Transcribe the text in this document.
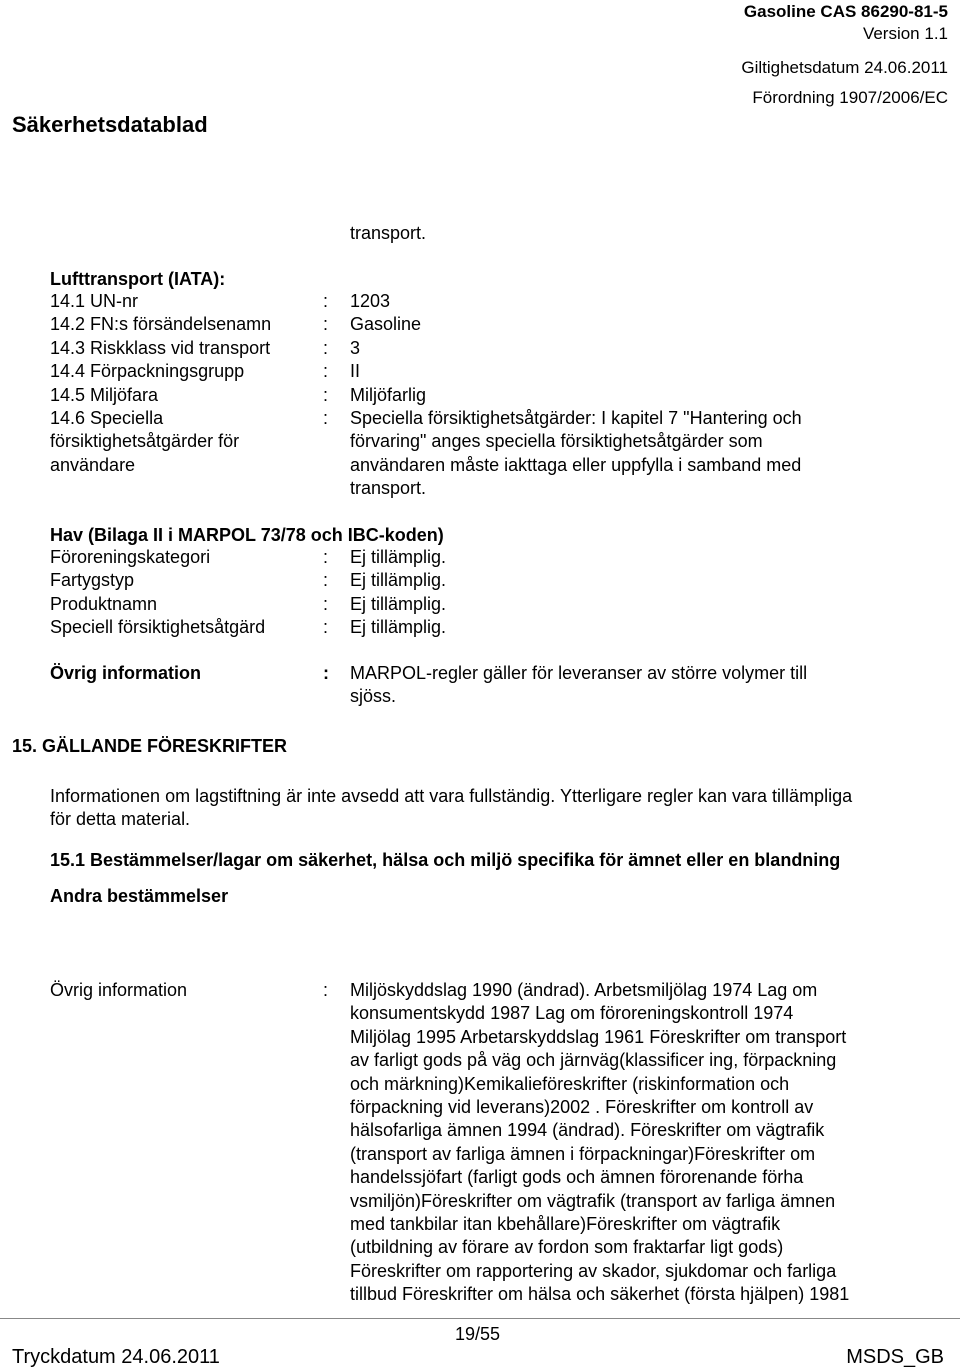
Gasoline CAS 86290-81-5
Version 1.1
Giltighetsdatum 24.06.2011
Förordning 1907/2006/EC
Säkerhetsdatablad
transport.
Lufttransport (IATA):
14.1 UN-nr	: 1203
14.2 FN:s försändelsenamn	: Gasoline
14.3 Riskklass vid transport	: 3
14.4 Förpackningsgrupp	: II
14.5 Miljöfara	: Miljöfarlig
14.6 Speciella
försiktighetsåtgärder för
användare
: Speciella försiktighetsåtgärder: I kapitel 7 "Hantering och
förvaring" anges speciella försiktighetsåtgärder som
användaren måste iakttaga eller uppfylla i samband med
transport.
Hav (Bilaga II i MARPOL 73/78 och IBC-koden)
Föroreningskategori	: Ej tillämplig.
Fartygstyp	: Ej tillämplig.
Produktnamn	: Ej tillämplig.
Speciell försiktighetsåtgärd	: Ej tillämplig.
Övrig information	: MARPOL-regler gäller för leveranser av större volymer till
sjöss.
15. GÄLLANDE FÖRESKRIFTER
Informationen om lagstiftning är inte avsedd att vara fullständig. Ytterligare regler kan vara tillämpliga
för detta material.
15.1 Bestämmelser/lagar om säkerhet, hälsa och miljö specifika för ämnet eller en blandning
Andra bestämmelser
Övrig information	: Miljöskyddslag 1990 (ändrad). Arbetsmiljölag 1974 Lag om
konsumentskydd 1987 Lag om föroreningskontroll 1974
Miljölag 1995 Arbetarskyddslag 1961 Föreskrifter om transport
av farligt gods på väg och järnväg(klassificer ing, förpackning
och märkning)Kemikalieföreskrifter (riskinformation och
förpackning vid leverans)2002 . Föreskrifter om kontroll av
hälsofarliga ämnen 1994 (ändrad). Föreskrifter om vägtrafik
(transport av farliga ämnen i förpackningar)Föreskrifter om
handelssjöfart (farligt gods och ämnen förorenande förha
vsmiljön)Föreskrifter om vägtrafik (transport av farliga ämnen
med tankbilar itan kbehållare)Föreskrifter om vägtrafik
(utbildning av förare av fordon som fraktarfar ligt gods)
Föreskrifter om rapportering av skador, sjukdomar och farliga
tillbud Föreskrifter om hälsa och säkerhet (första hjälpen) 1981
19/55
Tryckdatum 24.06.2011	MSDS_GB
